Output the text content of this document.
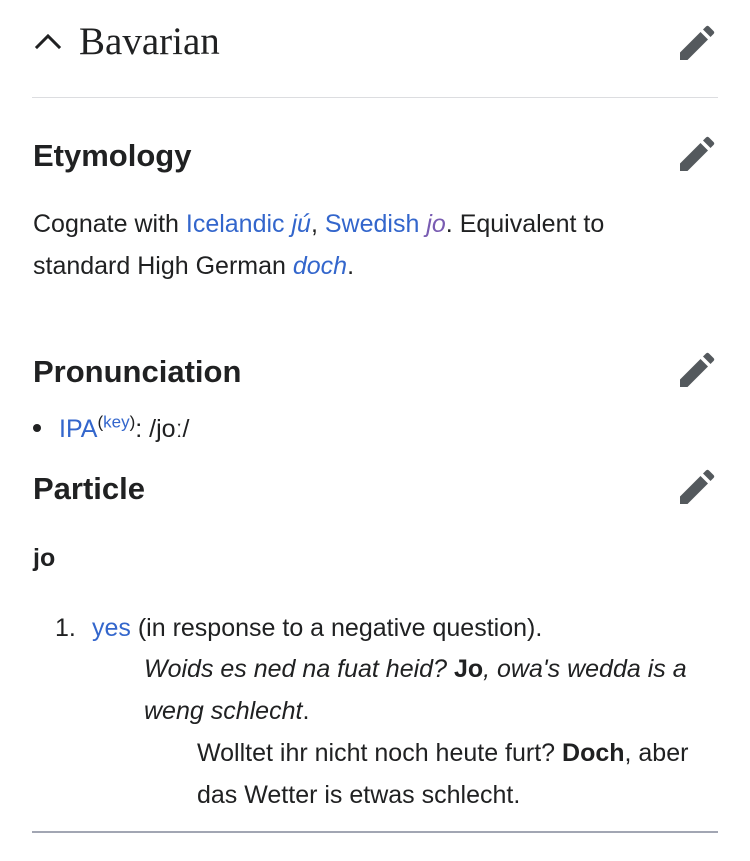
Bavarian
Etymology
Cognate with Icelandic jú, Swedish jo. Equivalent to standard High German doch.
Pronunciation
$IPA^{(key)}$: /joː/
Particle
jo
1. yes (in response to a negative question).
Woids es ned na fuat heid? Jo, owa's wedda is a weng schlecht.
Wolltet ihr nicht noch heute furt? Doch, aber das Wetter is etwas schlecht.
